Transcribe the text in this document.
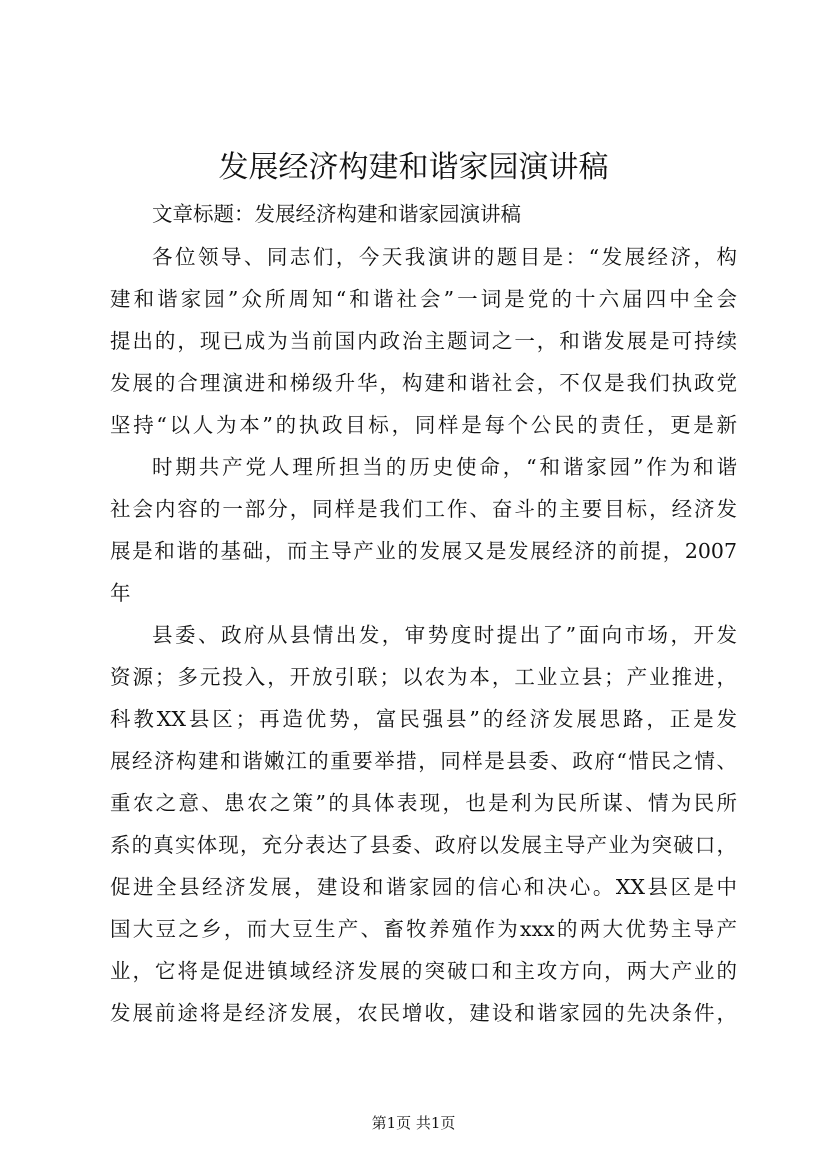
发展经济构建和谐家园演讲稿

文章标题：发展经济构建和谐家园演讲稿

各位领导、同志们，今天我演讲的题目是：“发展经济，构

建和谐家园”众所周知“和谐社会”一词是党的十六届四中全会

提出的，现已成为当前国内政治主题词之一，和谐发展是可持续

发展的合理演进和梯级升华，构建和谐社会，不仅是我们执政党

坚持“以人为本”的执政目标，同样是每个公民的责任，更是新

时期共产党人理所担当的历史使命，“和谐家园”作为和谐

社会内容的一部分，同样是我们工作、奋斗的主要目标，经济发

展是和谐的基础，而主导产业的发展又是发展经济的前提，2007

年

县委、政府从县情出发，审势度时提出了”面向市场，开发

资源；多元投入，开放引联；以农为本，工业立县；产业推进，

科教XX县区；再造优势，富民强县”的经济发展思路，正是发

展经济构建和谐嫩江的重要举措，同样是县委、政府“惜民之情、

重农之意、患农之策”的具体表现，也是利为民所谋、情为民所

系的真实体现，充分表达了县委、政府以发展主导产业为突破口，

促进全县经济发展，建设和谐家园的信心和决心。XX县区是中

国大豆之乡，而大豆生产、畜牧养殖作为xxx的两大优势主导产

业，它将是促进镇域经济发展的突破口和主攻方向，两大产业的

发展前途将是经济发展，农民增收，建设和谐家园的先决条件，

第1页 共1页
